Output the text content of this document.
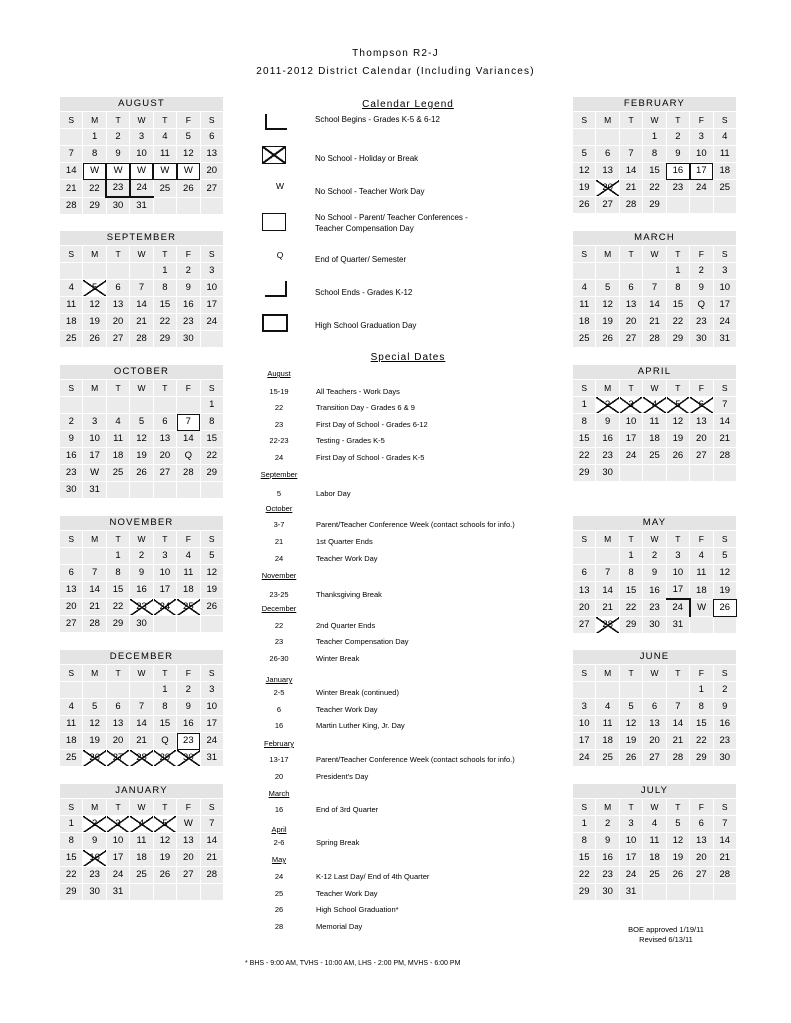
Thompson R2-J
2011-2012 District Calendar (Including Variances)
AUGUST						
S	M	T	W	T	F	S
	1	2	3	4	5	6
7	8	9	10	11	12	13
14	W	W	W	W	W	20
21	22	23	24	25	26	27
28	29	30	31			
SEPTEMBER						
S	M	T	W	T	F	S
				1	2	3
4	5	6	7	8	9	10
11	12	13	14	15	16	17
18	19	20	21	22	23	24
25	26	27	28	29	30	
OCTOBER						
S	M	T	W	T	F	S
						1
2	3	4	5	6	7	8
9	10	11	12	13	14	15
16	17	18	19	20	Q	22
23	W	25	26	27	28	29
30	31					
NOVEMBER						
S	M	T	W	T	F	S
		1	2	3	4	5
6	7	8	9	10	11	12
13	14	15	16	17	18	19
20	21	22	23	24	25	26
27	28	29	30			
DECEMBER						
S	M	T	W	T	F	S
				1	2	3
4	5	6	7	8	9	10
11	12	13	14	15	16	17
18	19	20	21	Q	23	24
25	26	27	28	29	30	31
JANUARY						
S	M	T	W	T	F	S
1	2	3	4	5	W	7
8	9	10	11	12	13	14
15	16	17	18	19	20	21
22	23	24	25	26	27	28
29	30	31				
FEBRUARY						
S	M	T	W	T	F	S
			1	2	3	4
5	6	7	8	9	10	11
12	13	14	15	16	17	18
19	20	21	22	23	24	25
26	27	28	29			
MARCH						
S	M	T	W	T	F	S
				1	2	3
4	5	6	7	8	9	10
11	12	13	14	15	Q	17
18	19	20	21	22	23	24
25	26	27	28	29	30	31
APRIL						
S	M	T	W	T	F	S
1	2	3	4	5	6	7
8	9	10	11	12	13	14
15	16	17	18	19	20	21
22	23	24	25	26	27	28
29	30					
MAY						
S	M	T	W	T	F	S
		1	2	3	4	5
6	7	8	9	10	11	12
13	14	15	16	17	18	19
20	21	22	23	24	W	26
27	28	29	30	31		
JUNE						
S	M	T	W	T	F	S
					1	2
3	4	5	6	7	8	9
10	11	12	13	14	15	16
17	18	19	20	21	22	23
24	25	26	27	28	29	30
JULY						
S	M	T	W	T	F	S
1	2	3	4	5	6	7
8	9	10	11	12	13	14
15	16	17	18	19	20	21
22	23	24	25	26	27	28
29	30	31				
Calendar Legend
School Begins - Grades K-5 & 6-12
No School - Holiday or Break
W
No School - Teacher Work Day
No School - Parent/ Teacher Conferences -
Teacher Compensation Day
Q	End of Quarter/ Semester
School Ends - Grades K-12
High School Graduation Day
Special Dates
August
15-19	All Teachers - Work Days
22	Transition Day - Grades 6 & 9
23	First Day of School - Grades 6-12
22-23	Testing - Grades K-5
24	First Day of School - Grades K-5
September
5	Labor Day
October
3-7	Parent/Teacher Conference Week (contact schools for info.)
21	1st Quarter Ends
24	Teacher Work Day
November
23-25	Thanksgiving Break
December
22	2nd Quarter Ends
23	Teacher Compensation Day
26-30	Winter Break
January
2-5	Winter Break (continued)
6	Teacher Work Day
16	Martin Luther King, Jr. Day
February
13-17	Parent/Teacher Conference Week (contact schools for info.)
20	President's Day
March
16	End of 3rd Quarter
April
2-6	Spring Break
May
24	K-12 Last Day/ End of 4th Quarter
25	Teacher Work Day
26	High School Graduation*
28	Memorial Day	BOE approved 1/19/11
Revised 6/13/11
* BHS - 9:00 AM, TVHS - 10:00 AM, LHS - 2:00 PM, MVHS - 6:00 PM
